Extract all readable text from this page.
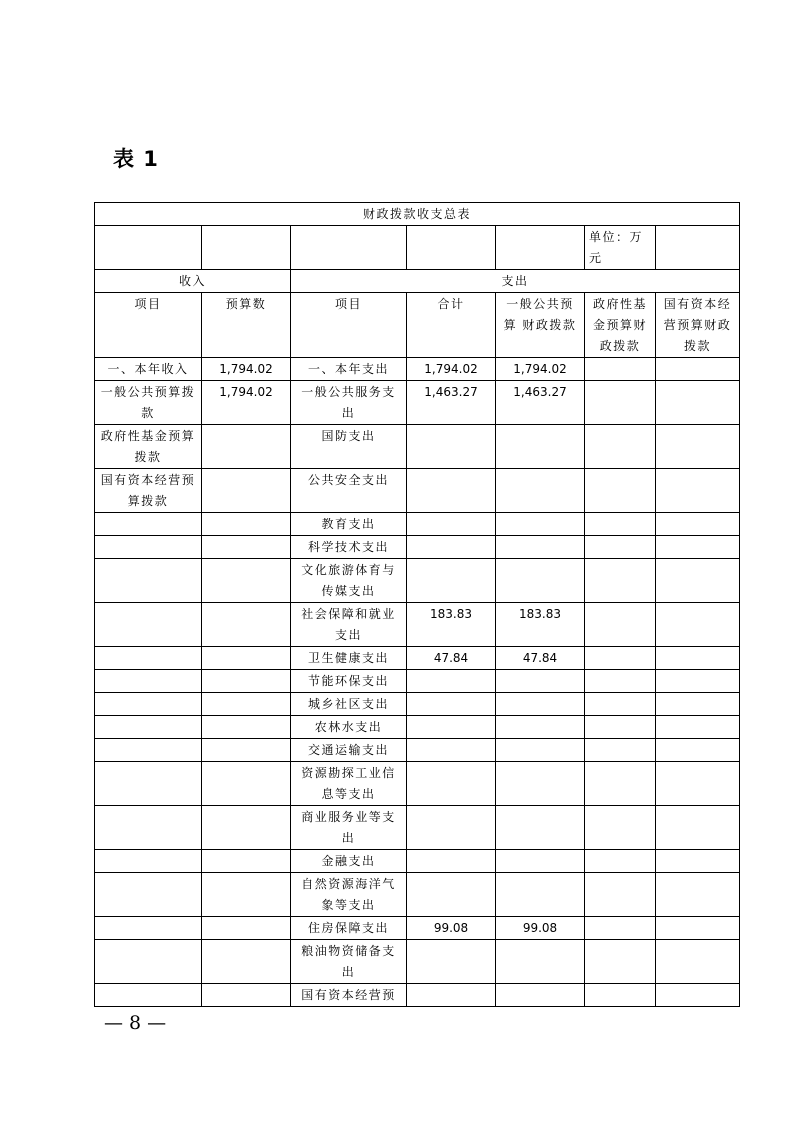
表 1
财政拨款收支总表						
					单位：万元	
收入		支出				
项目	预算数	项目	合计	一般公共预算 财政拨款	政府性基金预算财政拨款	国有资本经营预算财政拨款
一、本年收入	1,794.02	一、本年支出	1,794.02	1,794.02		
一般公共预算拨款	1,794.02	一般公共服务支出	1,463.27	1,463.27		
政府性基金预算拨款		国防支出				
国有资本经营预算拨款		公共安全支出				
		教育支出				
		科学技术支出				
		文化旅游体育与传媒支出				
		社会保障和就业支出	183.83	183.83		
		卫生健康支出	47.84	47.84		
		节能环保支出				
		城乡社区支出				
		农林水支出				
		交通运输支出				
		资源勘探工业信息等支出				
		商业服务业等支出				
		金融支出				
		自然资源海洋气象等支出				
		住房保障支出	99.08	99.08		
		粮油物资储备支出				
		国有资本经营预				
— 8 —
